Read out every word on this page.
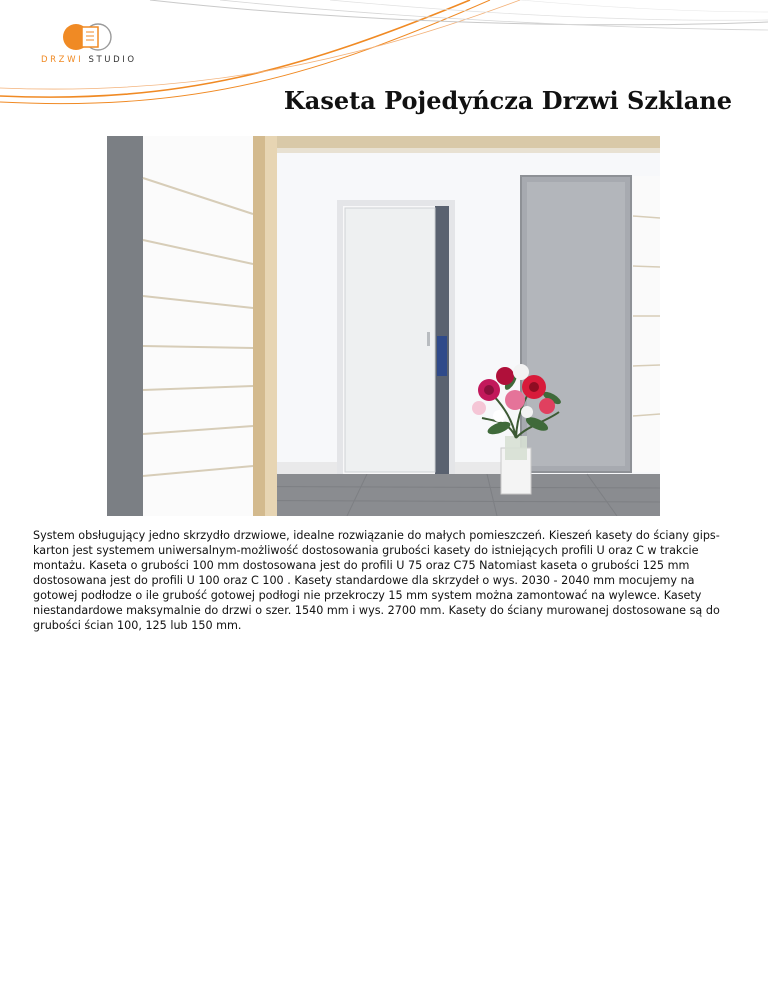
DRZWI STUDIO
Kaseta Pojedyńcza Drzwi Szklane

System obsługujący jedno skrzydło drzwiowe, idealne rozwiązanie do małych pomieszczeń. Kieszeń kasety do ściany gips-karton jest systemem uniwersalnym-możliwość dostosowania grubości kasety do istniejących profili U oraz C w trakcie montażu. Kaseta o grubości 100 mm dostosowana jest do profili U 75 oraz C75 Natomiast kaseta o grubości 125 mm dostosowana jest do profili U 100 oraz C 100 . Kasety standardowe dla skrzydeł o wys. 2030 - 2040 mm mocujemy na gotowej podłodze o ile grubość gotowej podłogi nie przekroczy 15 mm system można zamontować na wylewce. Kasety niestandardowe maksymalnie do drzwi o szer. 1540 mm i wys. 2700 mm. Kasety do ściany murowanej dostosowane są do grubości ścian 100, 125 lub 150 mm.
